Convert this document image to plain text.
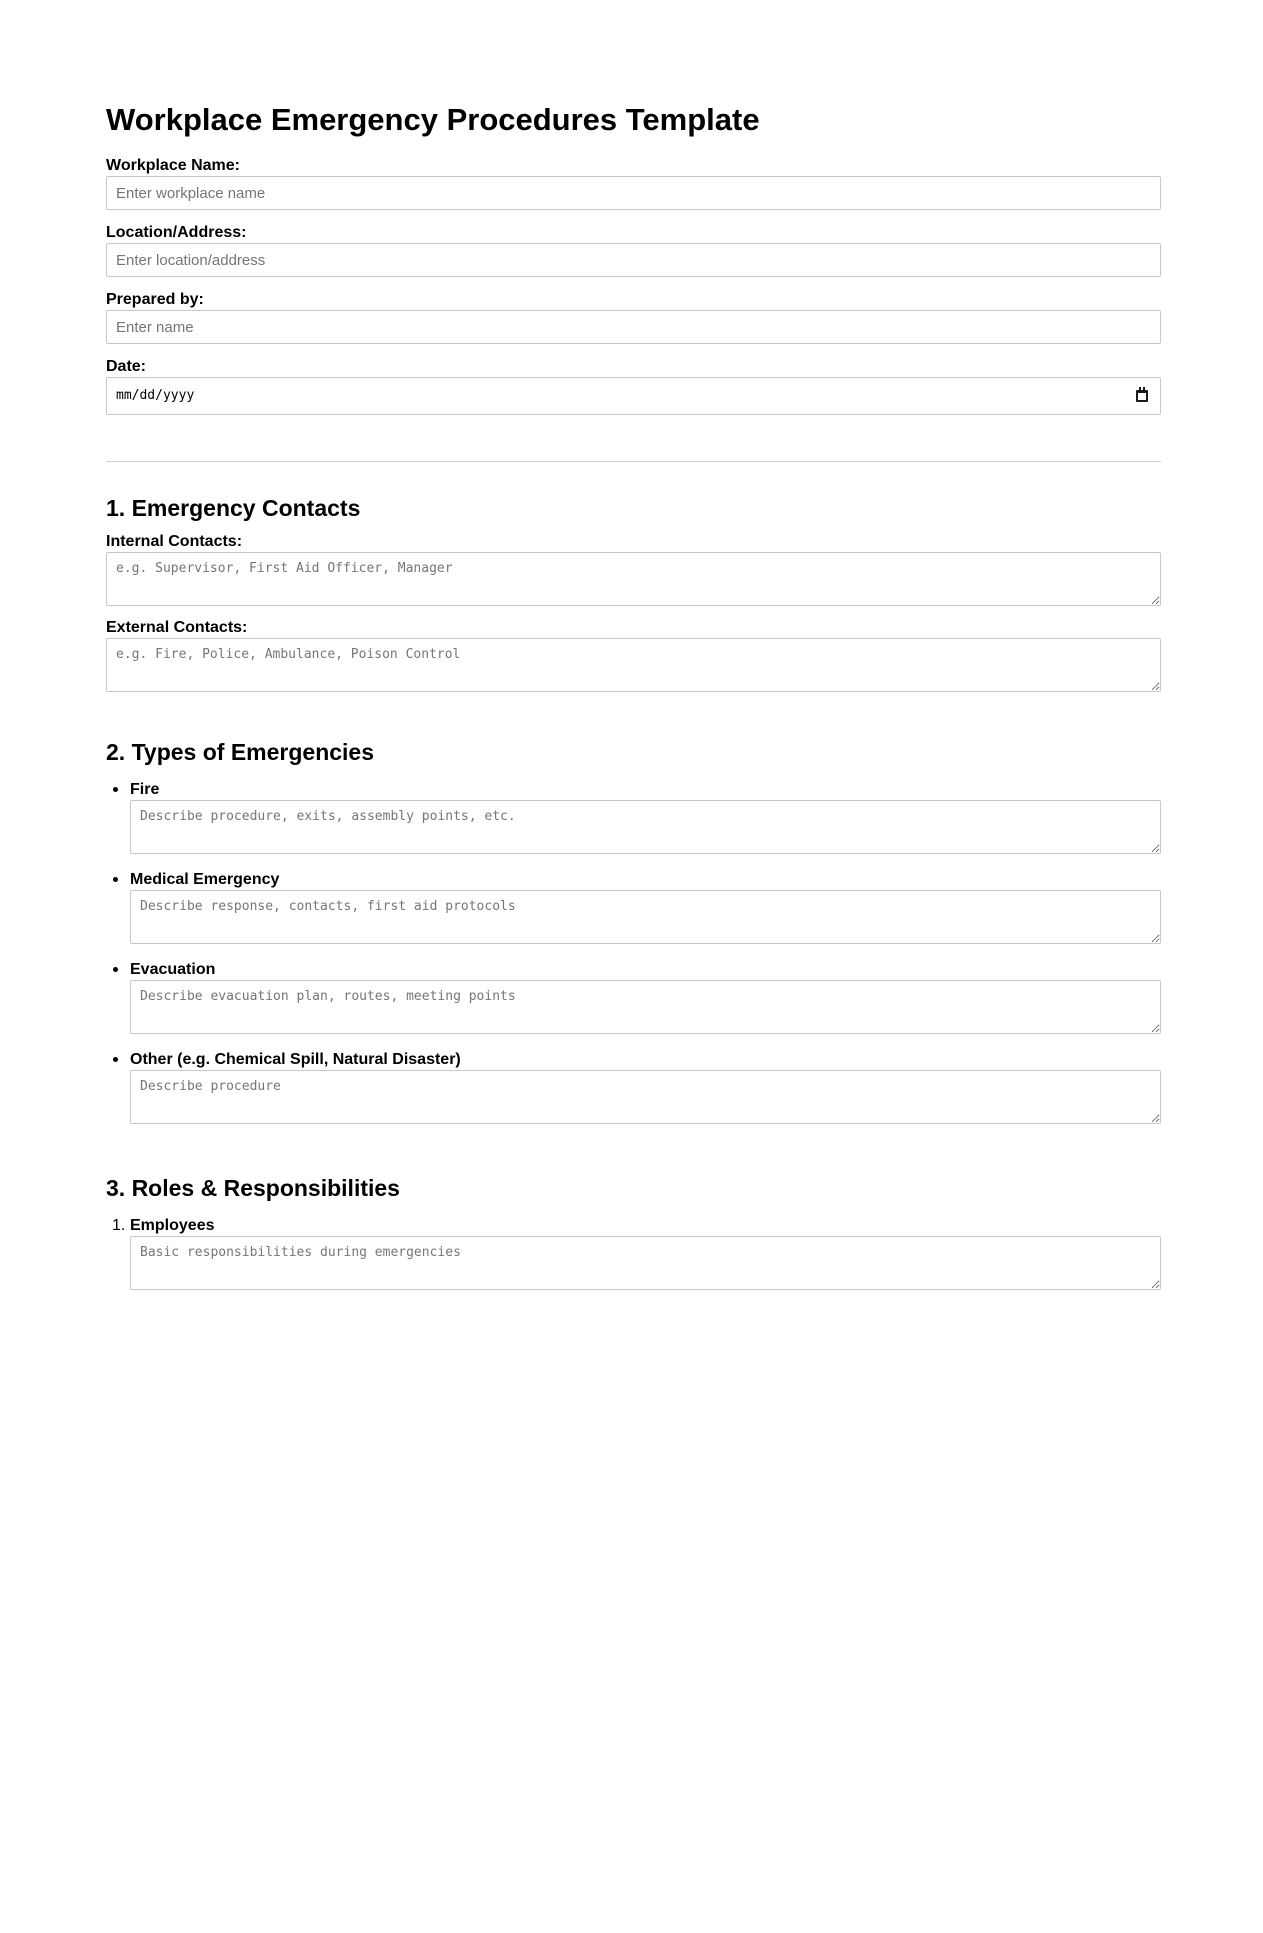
Workplace Emergency Procedures Template
Workplace Name:
Enter workplace name
Location/Address:
Enter location/address
Prepared by:
Enter name
Date:
mm/dd/yyyy
1. Emergency Contacts
Internal Contacts:
e.g. Supervisor, First Aid Officer, Manager
External Contacts:
e.g. Fire, Police, Ambulance, Poison Control
2. Types of Emergencies
Fire
Describe procedure, exits, assembly points, etc.
Medical Emergency
Describe response, contacts, first aid protocols
Evacuation
Describe evacuation plan, routes, meeting points
Other (e.g. Chemical Spill, Natural Disaster)
Describe procedure
3. Roles & Responsibilities
1. Employees
Basic responsibilities during emergencies
